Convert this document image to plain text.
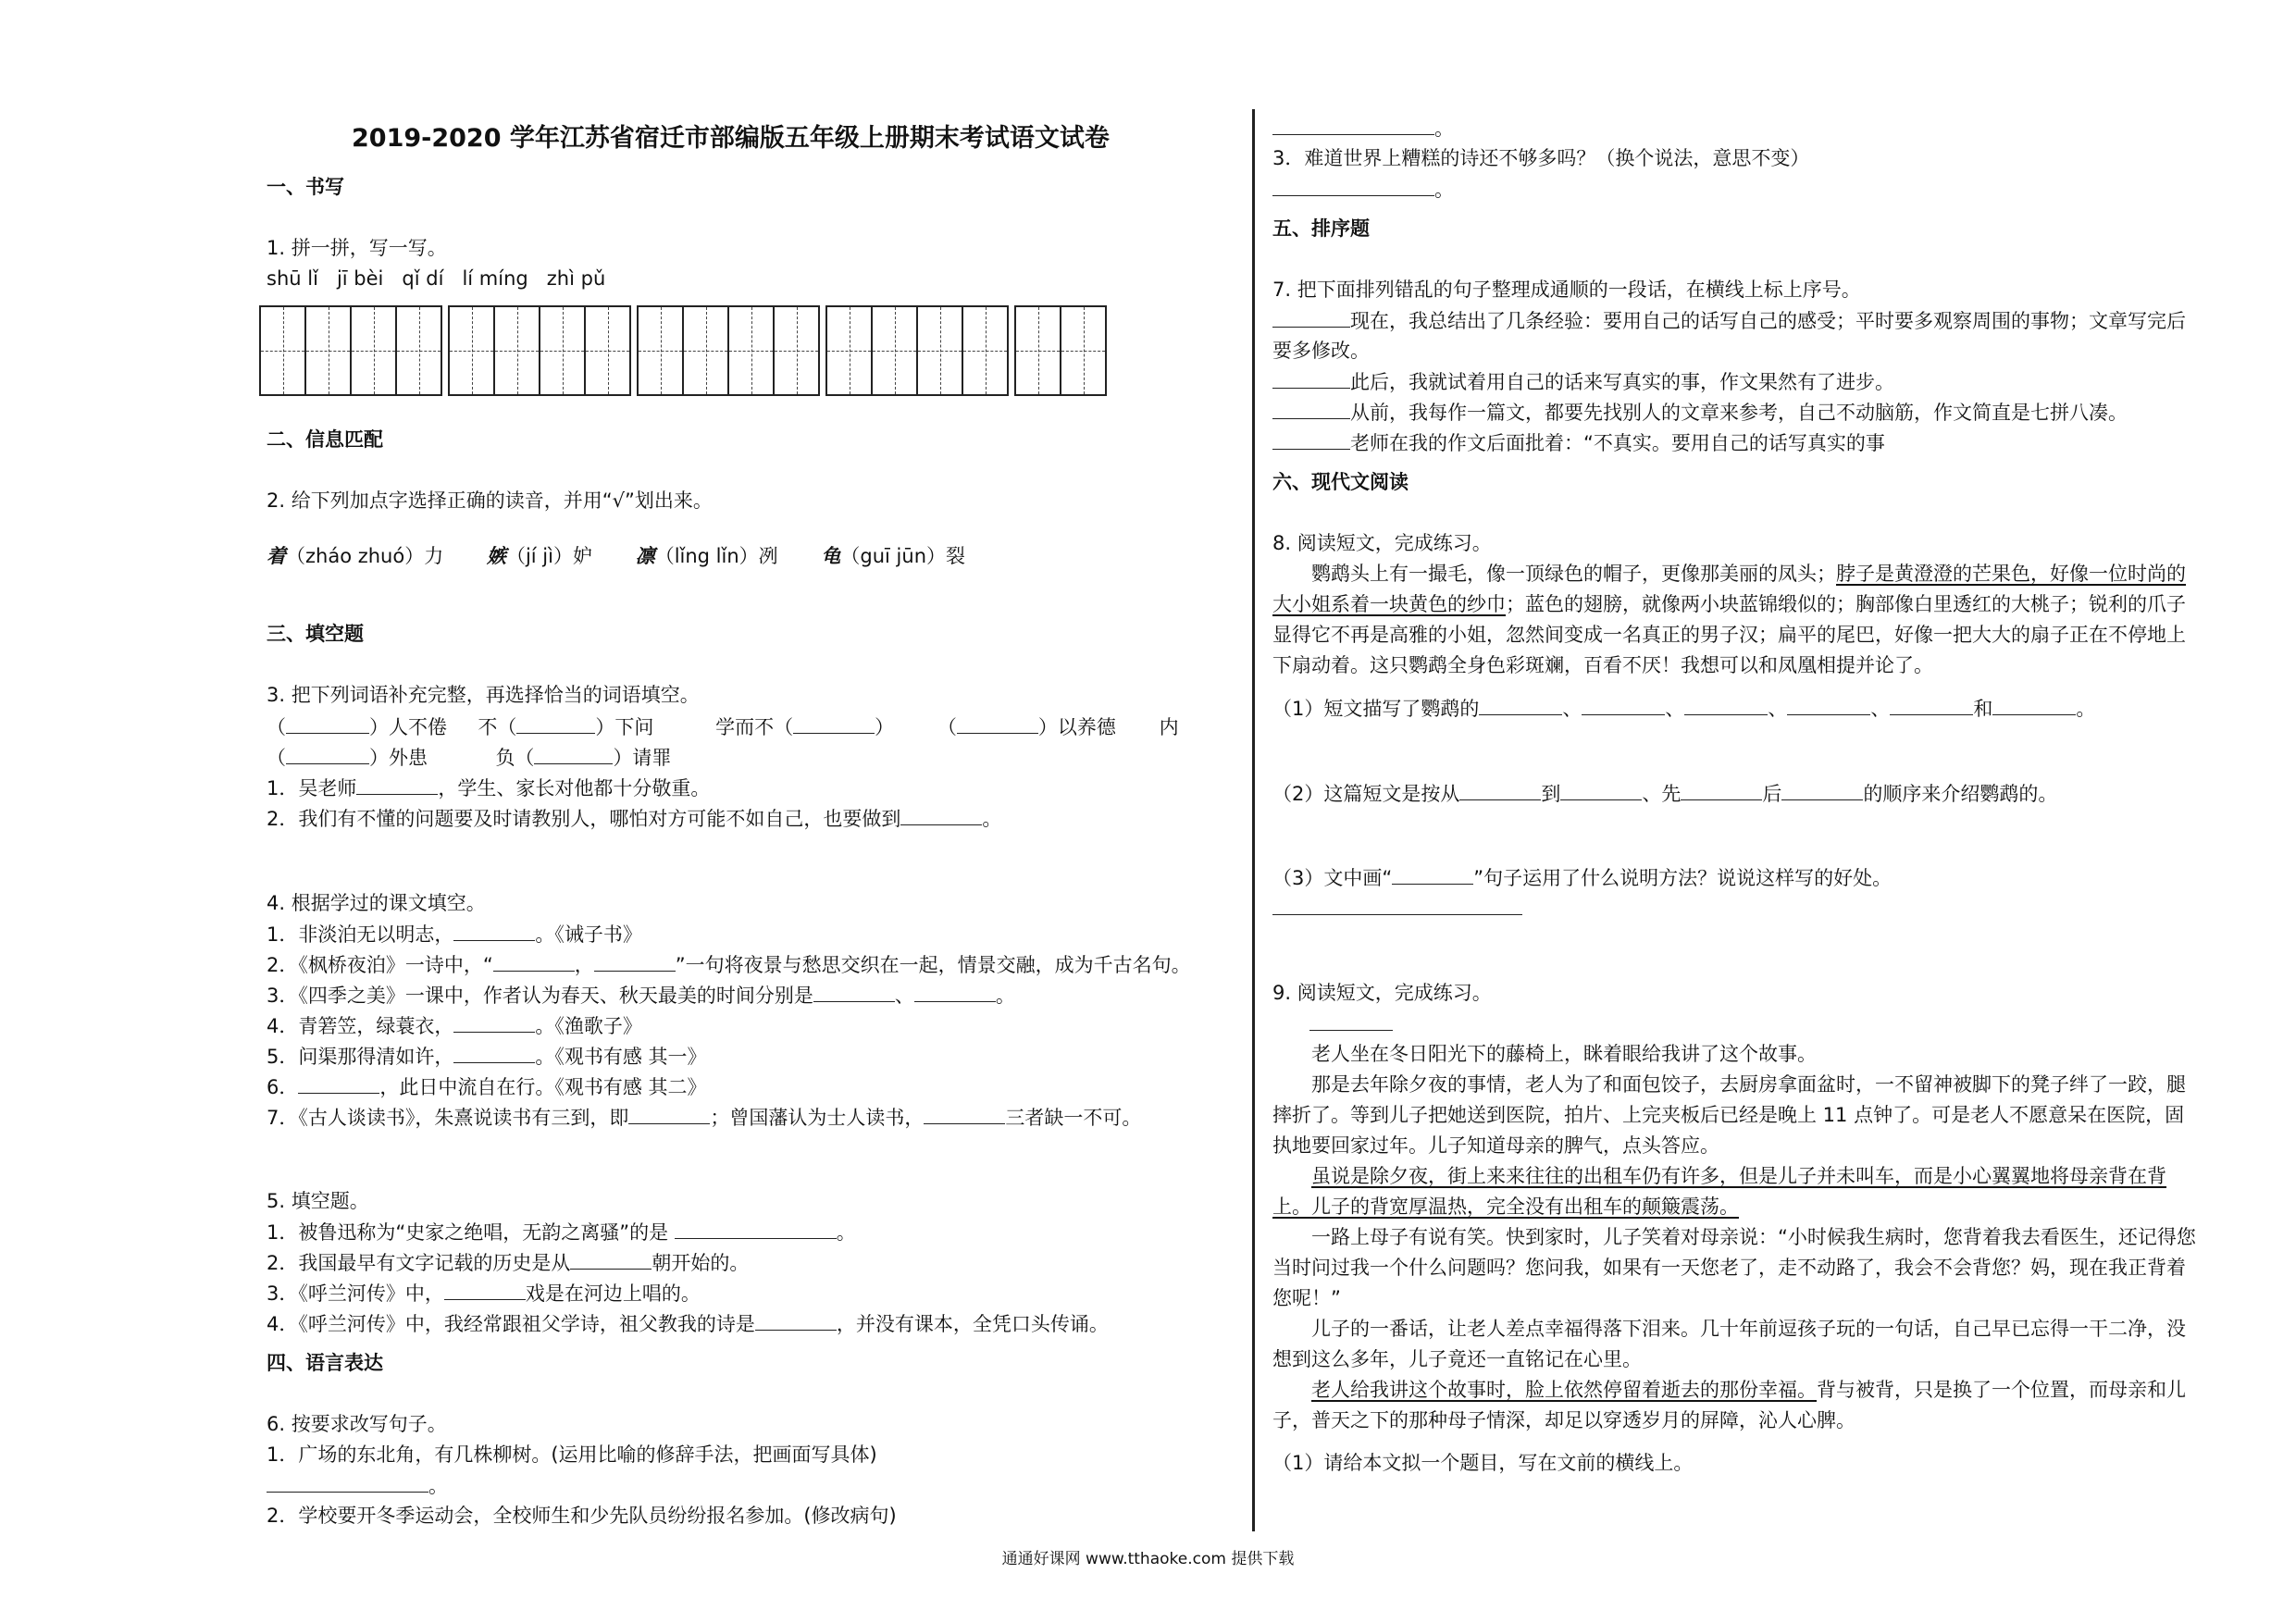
2019-2020 学年江苏省宿迁市部编版五年级上册期末考试语文试卷
一、书写
1. 拼一拼，写一写。
shū lǐ jī bèi qǐ dí lí míng zhì pǔ
二、信息匹配
2. 给下列加点字选择正确的读音，并用“√”划出来。
着（zháo zhuó）力 嫉（jí jì）妒 凛（lǐng lǐn）冽 龟（guī jūn）裂
三、填空题
3. 把下列词语补充完整，再选择恰当的词语填空。
（	）人不倦 不（	）下问	学而不（	） （	）以养德 内
（	）外患	负（	）请罪
1．吴老师	，学生、家长对他都十分敬重。
2．我们有不懂的问题要及时请教别人，哪怕对方可能不如自己，也要做到	。
4. 根据学过的课文填空。
1．非淡泊无以明志，	。《诫子书》
2．《枫桥夜泊》一诗中，“	，	”一句将夜景与愁思交织在一起，情景交融，成为千古名句。
3．《四季之美》一课中，作者认为春天、秋天最美的时间分别是	、	。
4．青箬笠，绿蓑衣，	。《渔歌子》
5．问渠那得清如许，	。《观书有感 其一》
6．	，此日中流自在行。《观书有感 其二》
7．《古人谈读书》，朱熹说读书有三到，即	；曾国藩认为士人读书，	三者缺一不可。
5. 填空题。
1．被鲁迅称为“史家之绝唱，无韵之离骚”的是	。
2．我国最早有文字记载的历史是从	朝开始的。
3．《呼兰河传》中，	戏是在河边上唱的。
4．《呼兰河传》中，我经常跟祖父学诗，祖父教我的诗是	，并没有课本，全凭口头传诵。
四、语言表达
6. 按要求改写句子。
1．广场的东北角，有几株柳树。(运用比喻的修辞手法，把画面写具体)
。
2．学校要开冬季运动会，全校师生和少先队员纷纷报名参加。(修改病句)
。
3．难道世界上糟糕的诗还不够多吗？（换个说法，意思不变）
。
五、排序题
7. 把下面排列错乱的句子整理成通顺的一段话，在横线上标上序号。
现在，我总结出了几条经验：要用自己的话写自己的感受；平时要多观察周围的事物；文章写完后
要多修改。
此后，我就试着用自己的话来写真实的事，作文果然有了进步。
从前，我每作一篇文，都要先找别人的文章来参考，自己不动脑筋，作文简直是七拼八凑。
老师在我的作文后面批着：“不真实。要用自己的话写真实的事
六、现代文阅读
8. 阅读短文，完成练习。
鹦鹉头上有一撮毛，像一顶绿色的帽子，更像那美丽的凤头；脖子是黄澄澄的芒果色，好像一位时尚的
大小姐系着一块黄色的纱巾；蓝色的翅膀，就像两小块蓝锦缎似的；胸部像白里透红的大桃子；锐利的爪子
显得它不再是高雅的小姐，忽然间变成一名真正的男子汉；扁平的尾巴，好像一把大大的扇子正在不停地上
下扇动着。这只鹦鹉全身色彩斑斓，百看不厌！我想可以和凤凰相提并论了。
（1）短文描写了鹦鹉的	、	、	、	、	和	。
（2）这篇短文是按从	到	、先	后	的顺序来介绍鹦鹉的。
（3）文中画“	”句子运用了什么说明方法？说说这样写的好处。
9. 阅读短文，完成练习。
老人坐在冬日阳光下的藤椅上，眯着眼给我讲了这个故事。
那是去年除夕夜的事情，老人为了和面包饺子，去厨房拿面盆时，一不留神被脚下的凳子绊了一跤，腿
摔折了。等到儿子把她送到医院，拍片、上完夹板后已经是晚上 11 点钟了。可是老人不愿意呆在医院，固
执地要回家过年。儿子知道母亲的脾气，点头答应。
虽说是除夕夜，街上来来往往的出租车仍有许多，但是儿子并未叫车，而是小心翼翼地将母亲背在背
上。儿子的背宽厚温热，完全没有出租车的颠簸震荡。
一路上母子有说有笑。快到家时，儿子笑着对母亲说：“小时候我生病时，您背着我去看医生，还记得您
当时问过我一个什么问题吗？您问我，如果有一天您老了，走不动路了，我会不会背您？妈，现在我正背着
您呢！”
儿子的一番话，让老人差点幸福得落下泪来。几十年前逗孩子玩的一句话，自己早已忘得一干二净，没
想到这么多年，儿子竟还一直铭记在心里。
老人给我讲这个故事时，脸上依然停留着逝去的那份幸福。背与被背，只是换了一个位置，而母亲和儿
子，普天之下的那种母子情深，却足以穿透岁月的屏障，沁人心脾。
（1）请给本文拟一个题目，写在文前的横线上。
通通好课网 www.tthaoke.com 提供下载
